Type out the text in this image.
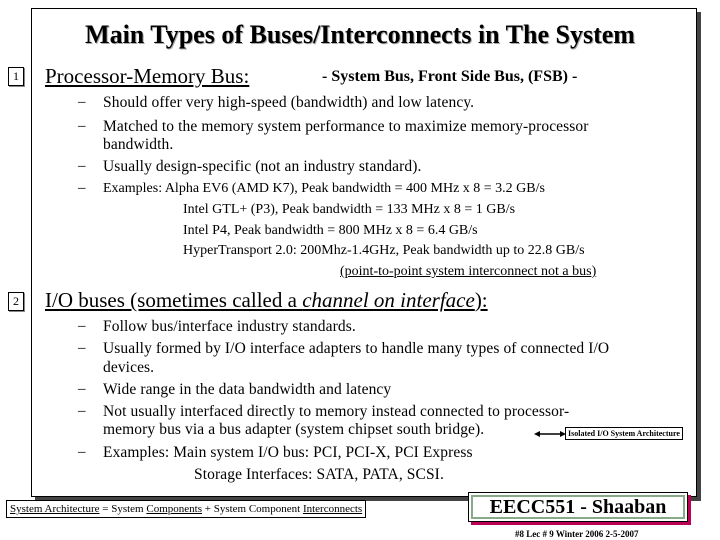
Main Types of Buses/Interconnects in The System
1 Processor-Memory Bus:	- System Bus, Front Side Bus, (FSB) -
– Should offer very high-speed (bandwidth) and low latency.
– Matched to the memory system performance to maximize memory-processor
bandwidth.
– Usually design-specific (not an industry standard).
– Examples: Alpha EV6 (AMD K7), Peak bandwidth = 400 MHz x 8 = 3.2 GB/s
Intel GTL+ (P3), Peak bandwidth = 133 MHz x 8 = 1 GB/s
Intel P4, Peak bandwidth = 800 MHz x 8 = 6.4 GB/s
HyperTransport 2.0: 200Mhz-1.4GHz, Peak bandwidth up to 22.8 GB/s
(point-to-point system interconnect not a bus)
2 I/O buses (sometimes called a channel on interface):
– Follow bus/interface industry standards.
– Usually formed by I/O interface adapters to handle many types of connected I/O
devices.
– Wide range in the data bandwidth and latency
– Not usually interfaced directly to memory instead connected to processor-
memory bus via a bus adapter (system chipset south bridge).
– Examples: Main system I/O bus: PCI, PCI-X, PCI Express
Storage Interfaces: SATA, PATA, SCSI.
Isolated I/O System Architecture
System Architecture = System Components + System Component Interconnects	EECC551 - Shaaban
#8 Lec # 9 Winter 2006 2-5-2007
